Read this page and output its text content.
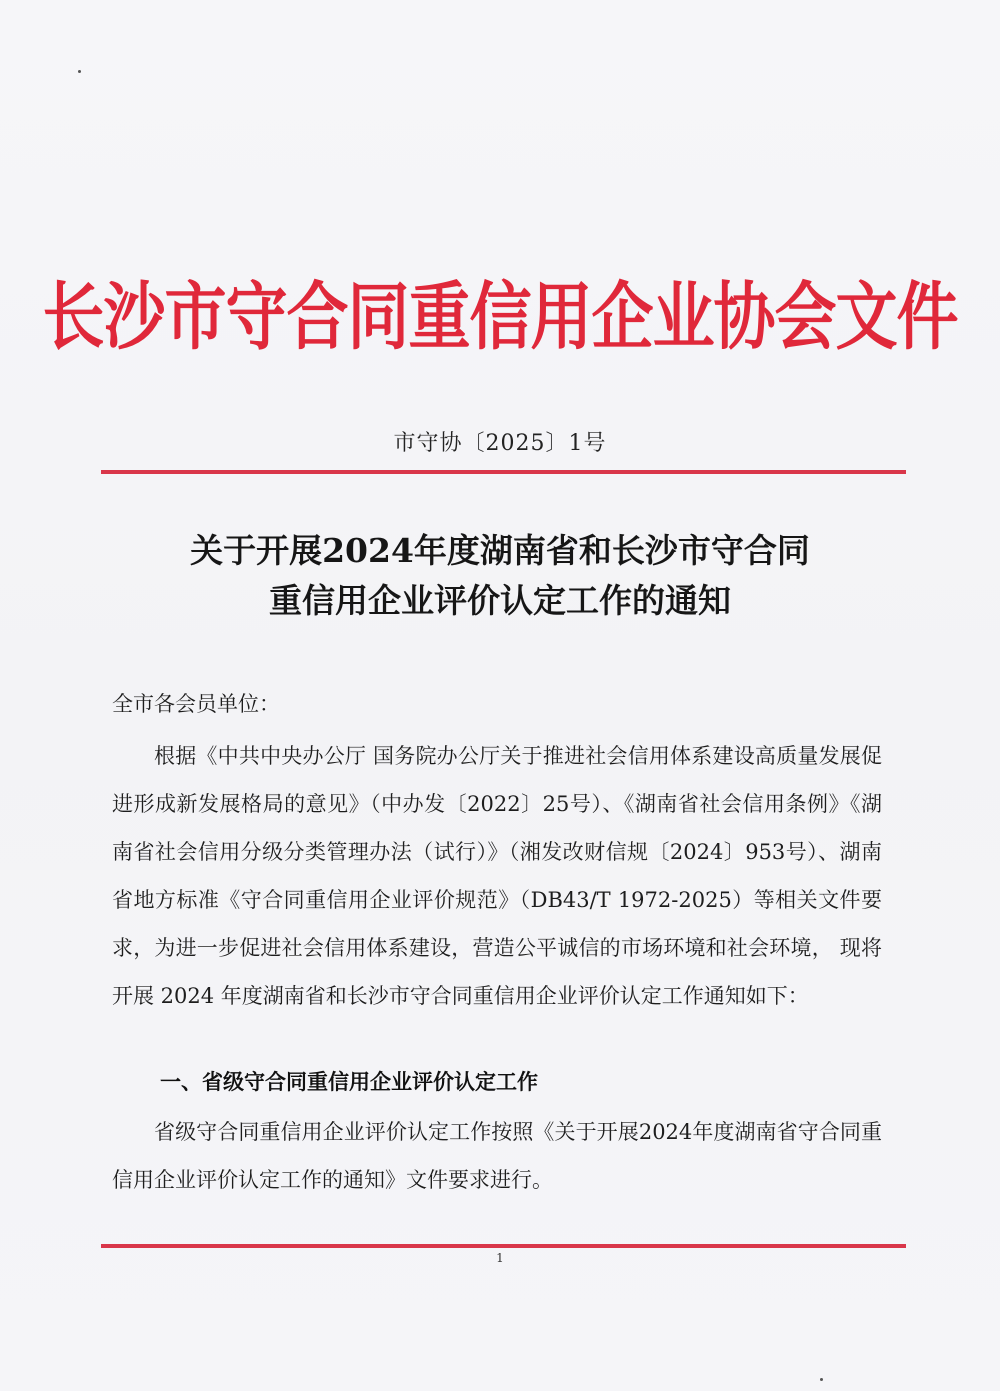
长沙市守合同重信用企业协会文件
市守协〔2025〕1号
关于开展2024年度湖南省和长沙市守合同
重信用企业评价认定工作的通知
全市各会员单位：
根据《中共中央办公厅 国务院办公厅关于推进社会信用体系建设高质量发展促进形成新发展格局的意见》（中办发〔2022〕25号）、《湖南省社会信用条例》《湖南省社会信用分级分类管理办法（试行）》（湘发改财信规〔2024〕953号）、湖南省地方标准《守合同重信用企业评价规范》（DB43/T 1972-2025）等相关文件要求，为进一步促进社会信用体系建设，营造公平诚信的市场环境和社会环境， 现将开展 2024 年度湖南省和长沙市守合同重信用企业评价认定工作通知如下：
一、省级守合同重信用企业评价认定工作
省级守合同重信用企业评价认定工作按照《关于开展2024年度湖南省守合同重信用企业评价认定工作的通知》文件要求进行。
1
